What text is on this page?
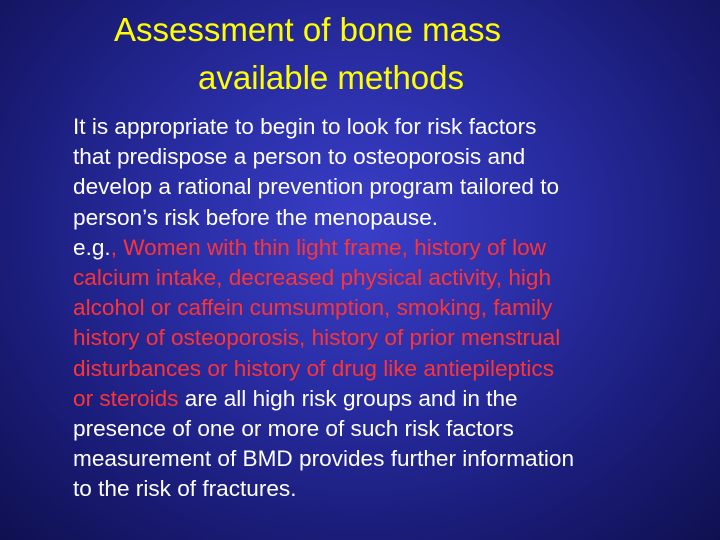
Assessment of bone mass
available methods
It is appropriate to begin to look for risk factors
that predispose a person to osteoporosis and
develop a rational prevention program tailored to
person’s risk before the menopause.
e.g., Women with thin light frame, history of low
calcium intake, decreased physical activity, high
alcohol or caffein cumsumption, smoking, family
history of osteoporosis, history of prior menstrual
disturbances or history of drug like antiepileptics
or steroids are all high risk groups and in the
presence of one or more of such risk factors
measurement of BMD provides further information
to the risk of fractures.
